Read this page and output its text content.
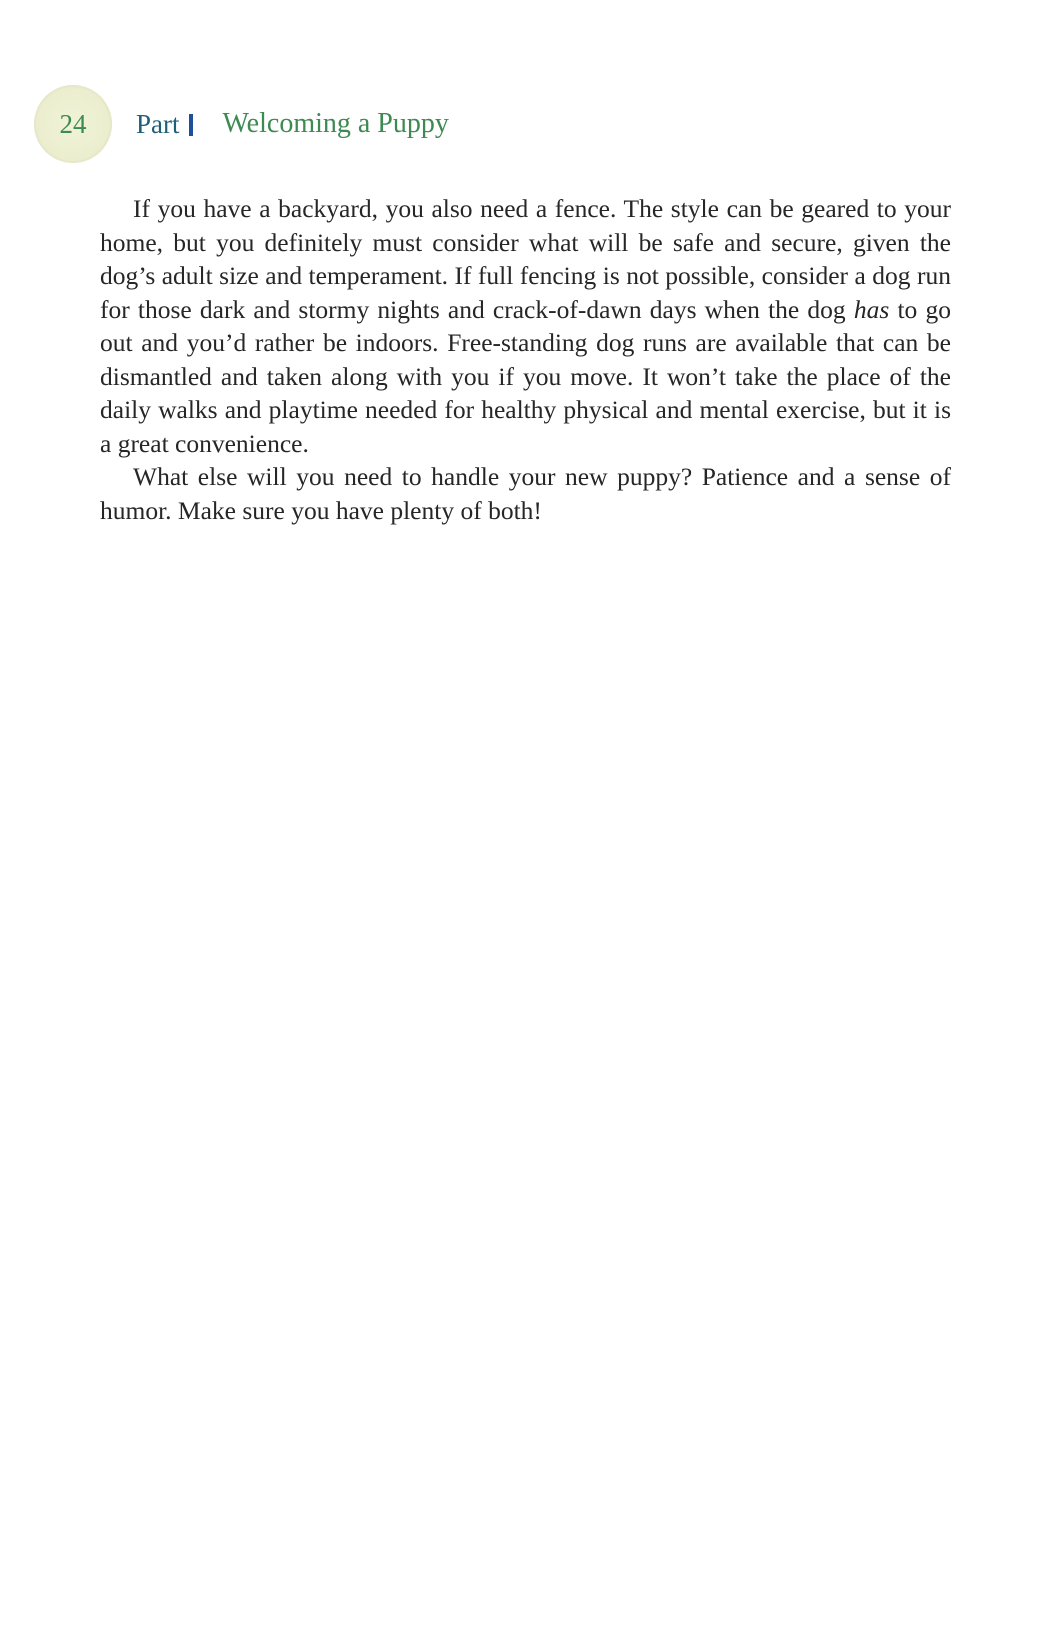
24 Part Welcoming a Puppy

If you have a backyard, you also need a fence. The style can be geared to your home, but you definitely must consider what will be safe and secure, given the dog’s adult size and temperament. If full fencing is not possible, consider a dog run for those dark and stormy nights and crack-of-dawn days when the dog has to go out and you’d rather be indoors. Free-standing dog runs are available that can be dismantled and taken along with you if you move. It won’t take the place of the daily walks and playtime needed for healthy physical and mental exercise, but it is a great convenience.

What else will you need to handle your new puppy? Patience and a sense of humor. Make sure you have plenty of both!
